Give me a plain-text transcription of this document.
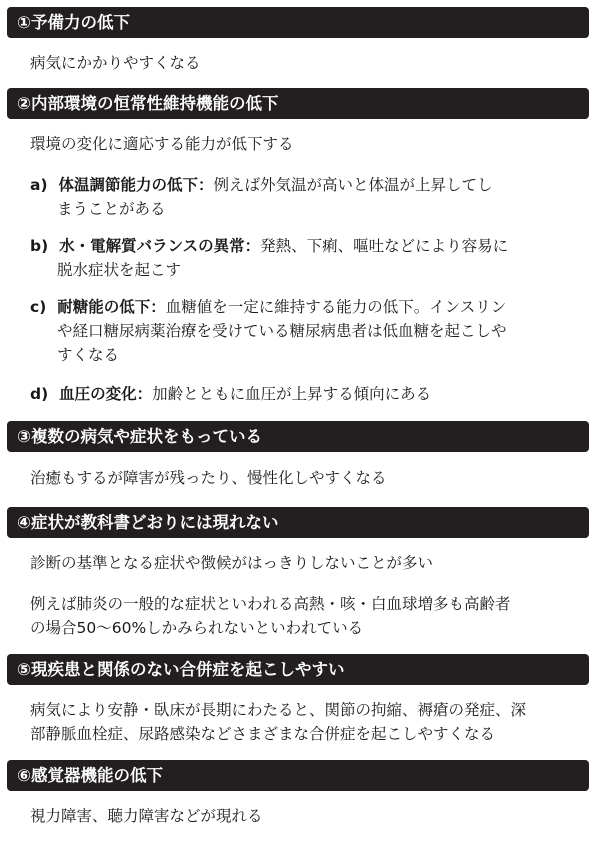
①予備力の低下
病気にかかりやすくなる
②内部環境の恒常性維持機能の低下
環境の変化に適応する能力が低下する
a) 体温調節能力の低下：例えば外気温が高いと体温が上昇してし
まうことがある
b) 水・電解質バランスの異常：発熱、下痢、嘔吐などにより容易に
脱水症状を起こす
c) 耐糖能の低下：血糖値を一定に維持する能力の低下。インスリン
や経口糖尿病薬治療を受けている糖尿病患者は低血糖を起こしや
すくなる
d) 血圧の変化：加齢とともに血圧が上昇する傾向にある
③複数の病気や症状をもっている
治癒もするが障害が残ったり、慢性化しやすくなる
④症状が教科書どおりには現れない
診断の基準となる症状や徴候がはっきりしないことが多い
例えば肺炎の一般的な症状といわれる高熱・咳・白血球増多も高齢者
の場合50〜60%しかみられないといわれている
⑤現疾患と関係のない合併症を起こしやすい
病気により安静・臥床が長期にわたると、関節の拘縮、褥瘡の発症、深
部静脈血栓症、尿路感染などさまざまな合併症を起こしやすくなる
⑥感覚器機能の低下
視力障害、聴力障害などが現れる
